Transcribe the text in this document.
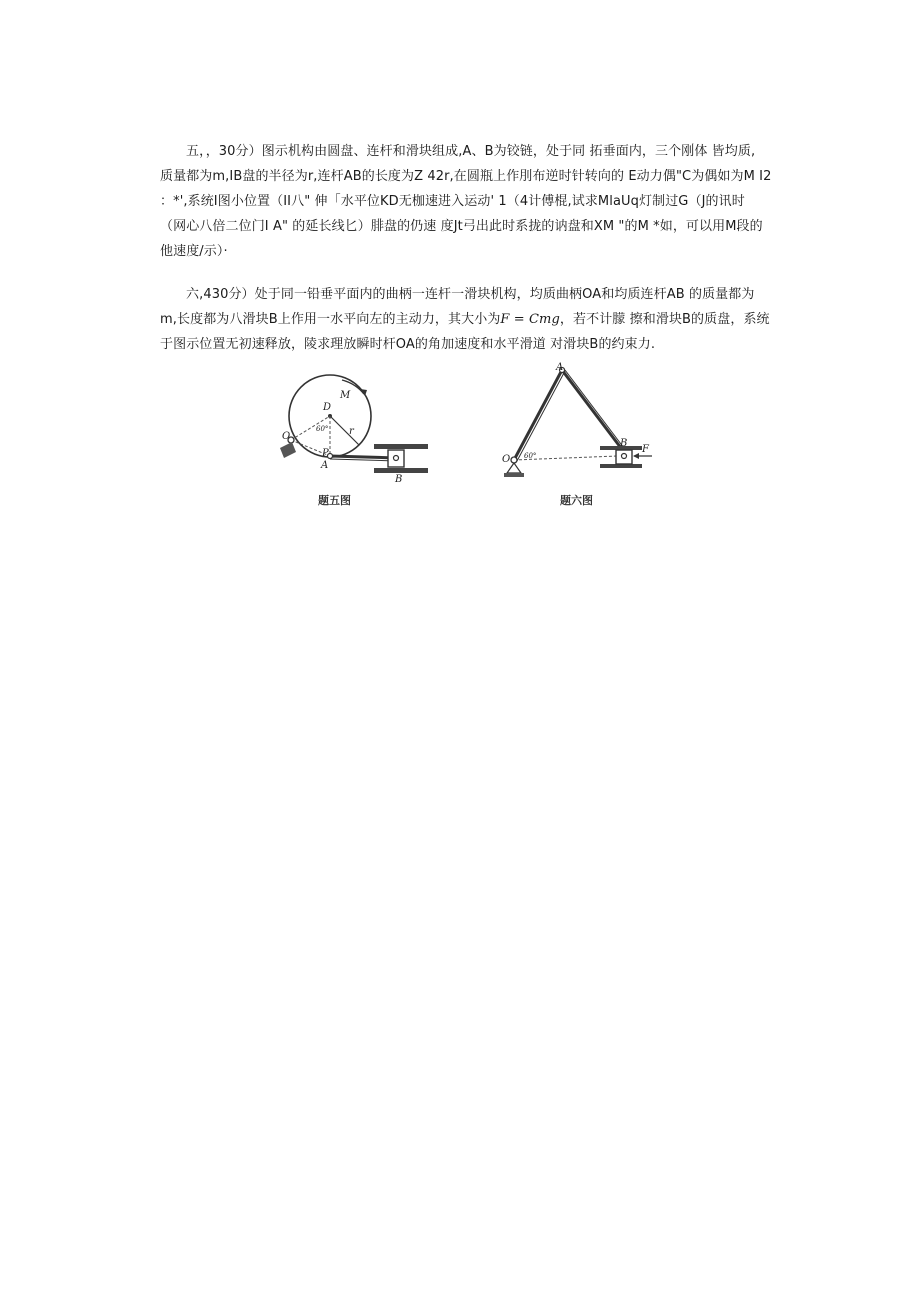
五，，30分）图示机构由圆盘、连杆和滑块组成,A、B为铰链，处于同 拓垂面内，三个刚体 皆均质,
质量都为m,IB盘的半径为r,连杆AB的长度为Z 42r,在圆瓶上作刖布逆时针转向的 E动力偶"C为偶如为M I2
：*',系统I图小位置（II八" 伸「水平位KD无枷速进入运动' 1（4计傅棍,试求MlaUq灯制过G（J的讯时
（网心八倍二位门I A" 的延长线匕）腓盘的仍速 度Jt弓出此时系拢的讷盘和XM "的M *如，可以用M段的
他速度/示）·
六,430分）处于同一铅垂平面内的曲柄一连杆一滑块机构，均质曲柄OA和均质连杆AB 的质量都为
m,长度都为八滑块B上作用一水平向左的主动力，其大小为F = Cmg，若不计朦 擦和滑块B的质盘，系统
于图示位置无初速释放，陵求理放瞬时杆OA的角加速度和水平滑道 对滑块B的约束力.
M
D
60° r
O
P
A
B
题五图
A
O 60°
B
F
题六图
